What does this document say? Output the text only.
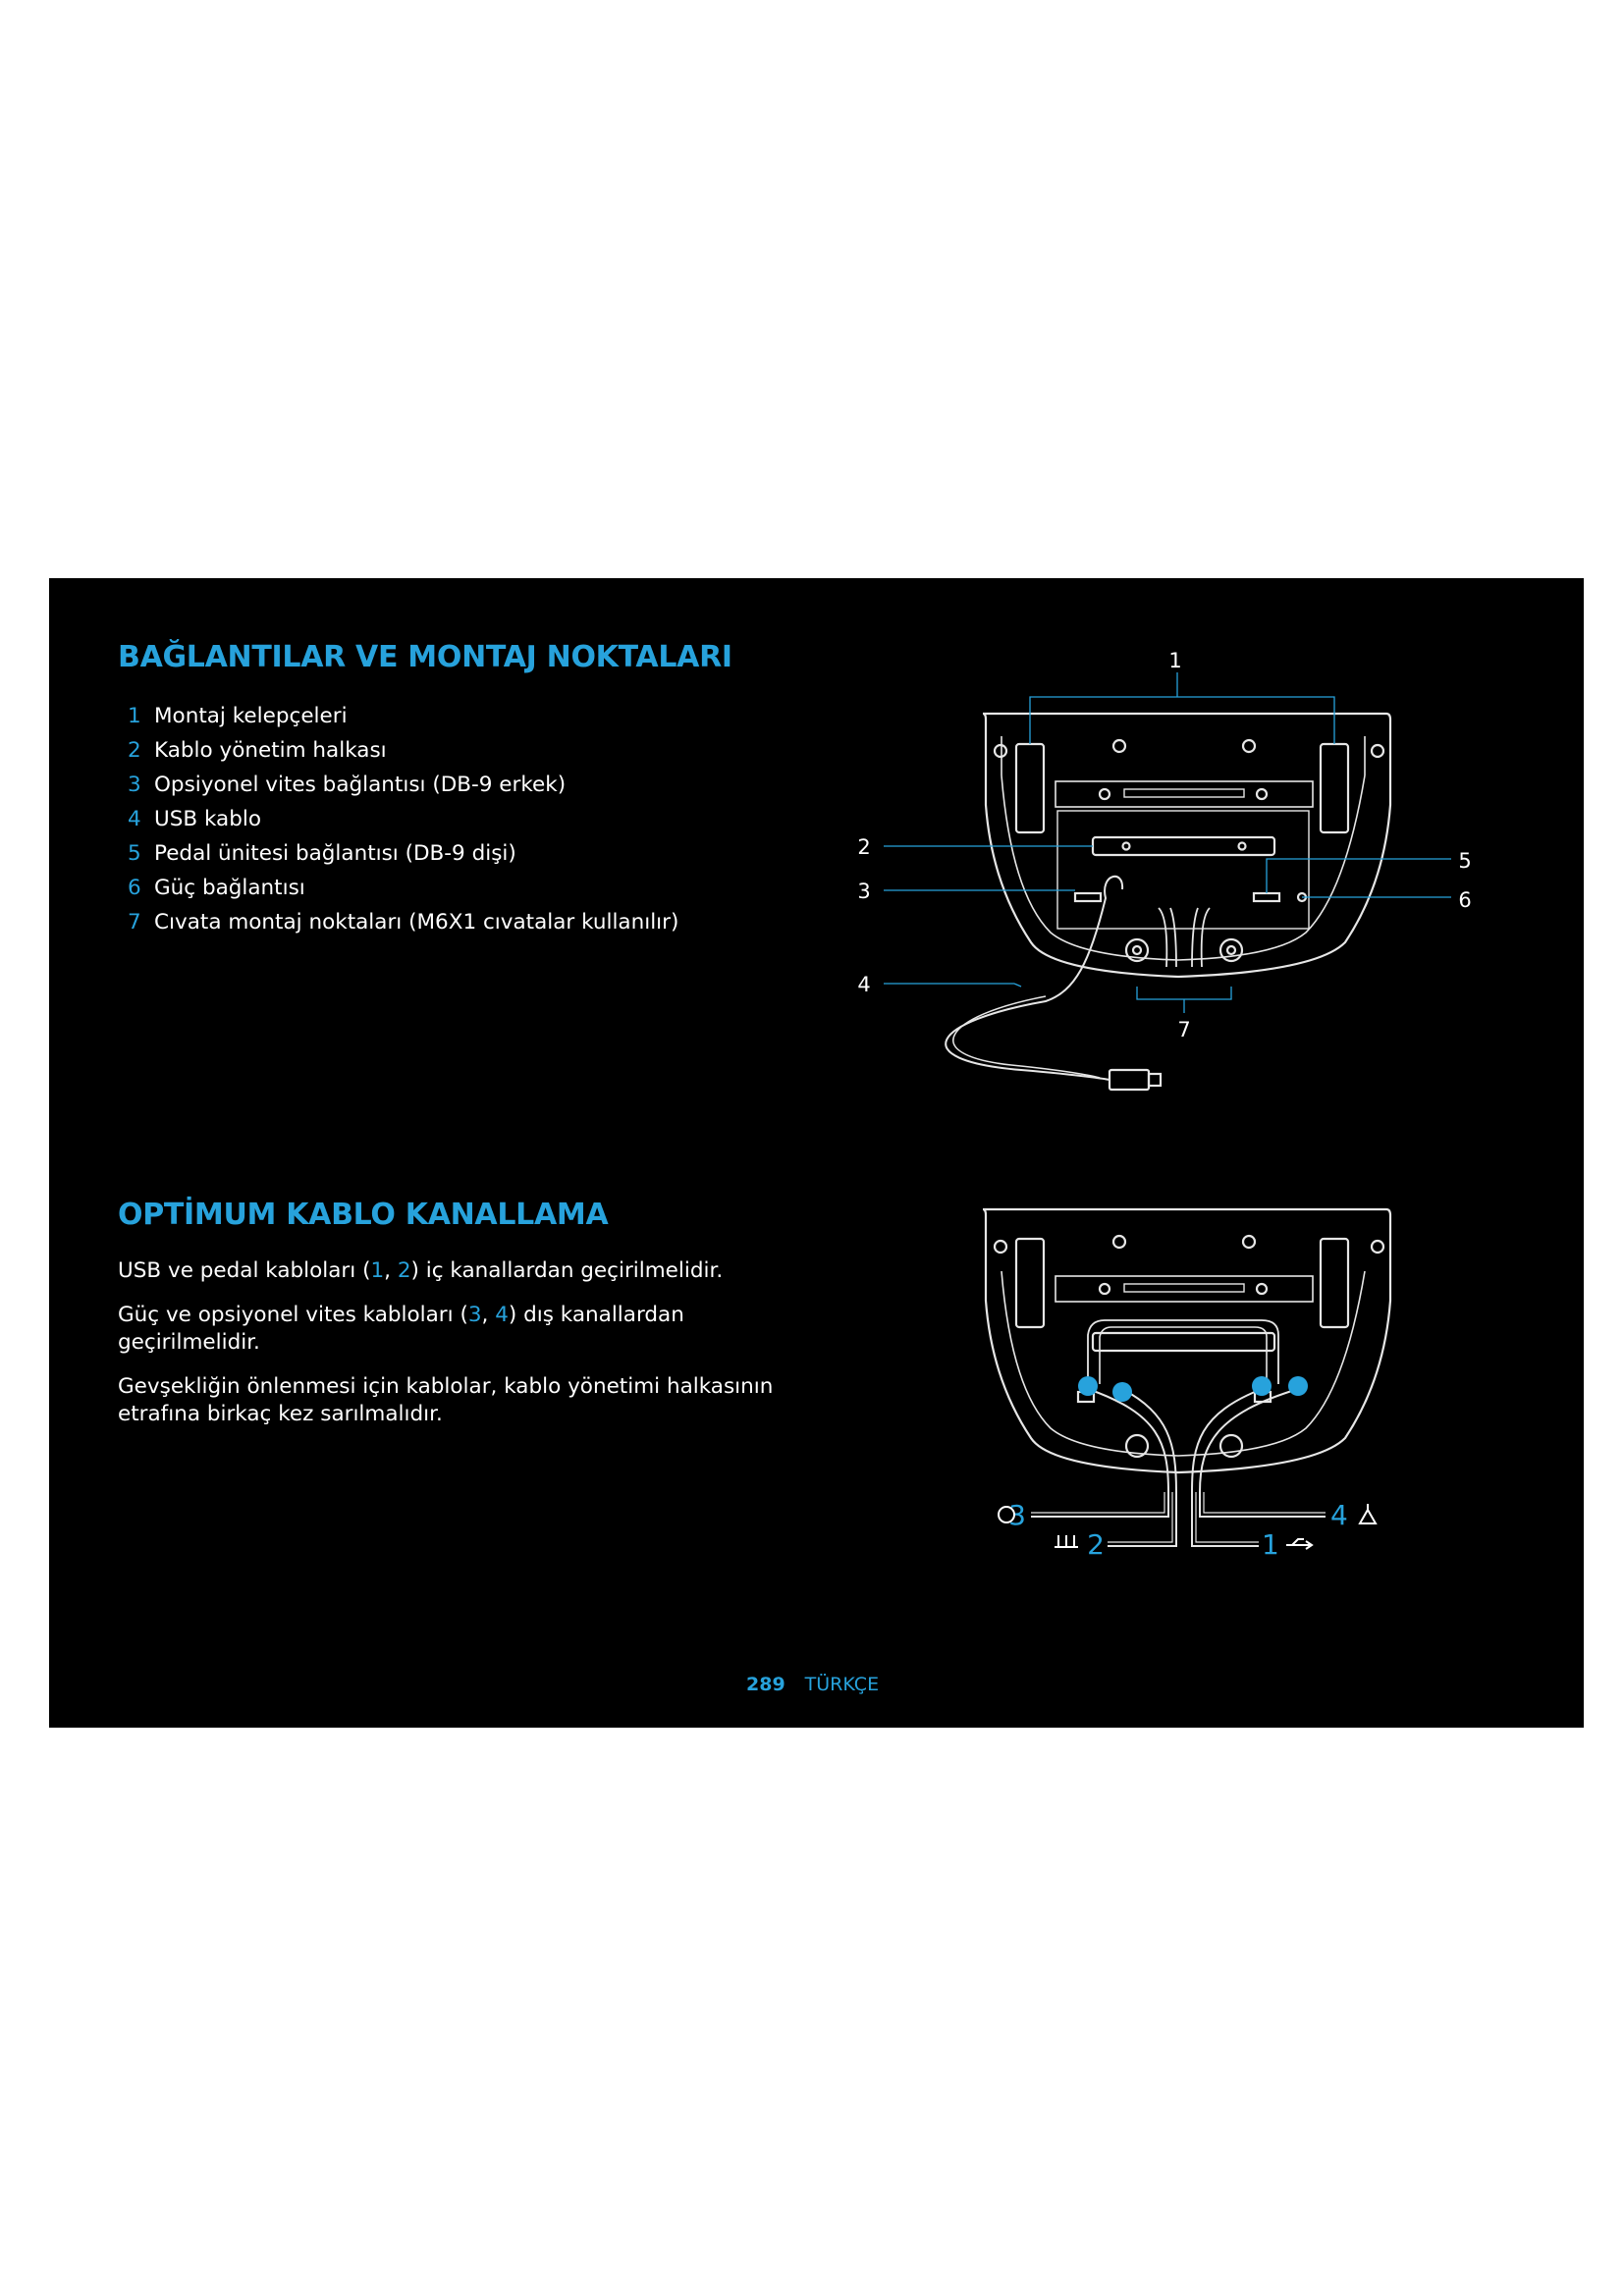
BAĞLANTILAR VE MONTAJ NOKTALARI
1 Montaj kelepçeleri
2 Kablo yönetim halkası
3 Opsiyonel vites bağlantısı (DB-9 erkek)
4 USB kablo
5 Pedal ünitesi bağlantısı (DB-9 dişi)
6 Güç bağlantısı
7 Cıvata montaj noktaları (M6X1 cıvatalar kullanılır)
OPTİMUM KABLO KANALLAMA

USB ve pedal kabloları (1, 2) iç kanallardan geçirilmelidir.

Güç ve opsiyonel vites kabloları (3, 4) dış kanallardan
geçirilmelidir.

Gevşekliğin önlenmesi için kablolar, kablo yönetimi halkasının
etrafına birkaç kez sarılmalıdır.

1
2
3
4
5
6
7
3
2
4
1
289 TÜRKÇE
